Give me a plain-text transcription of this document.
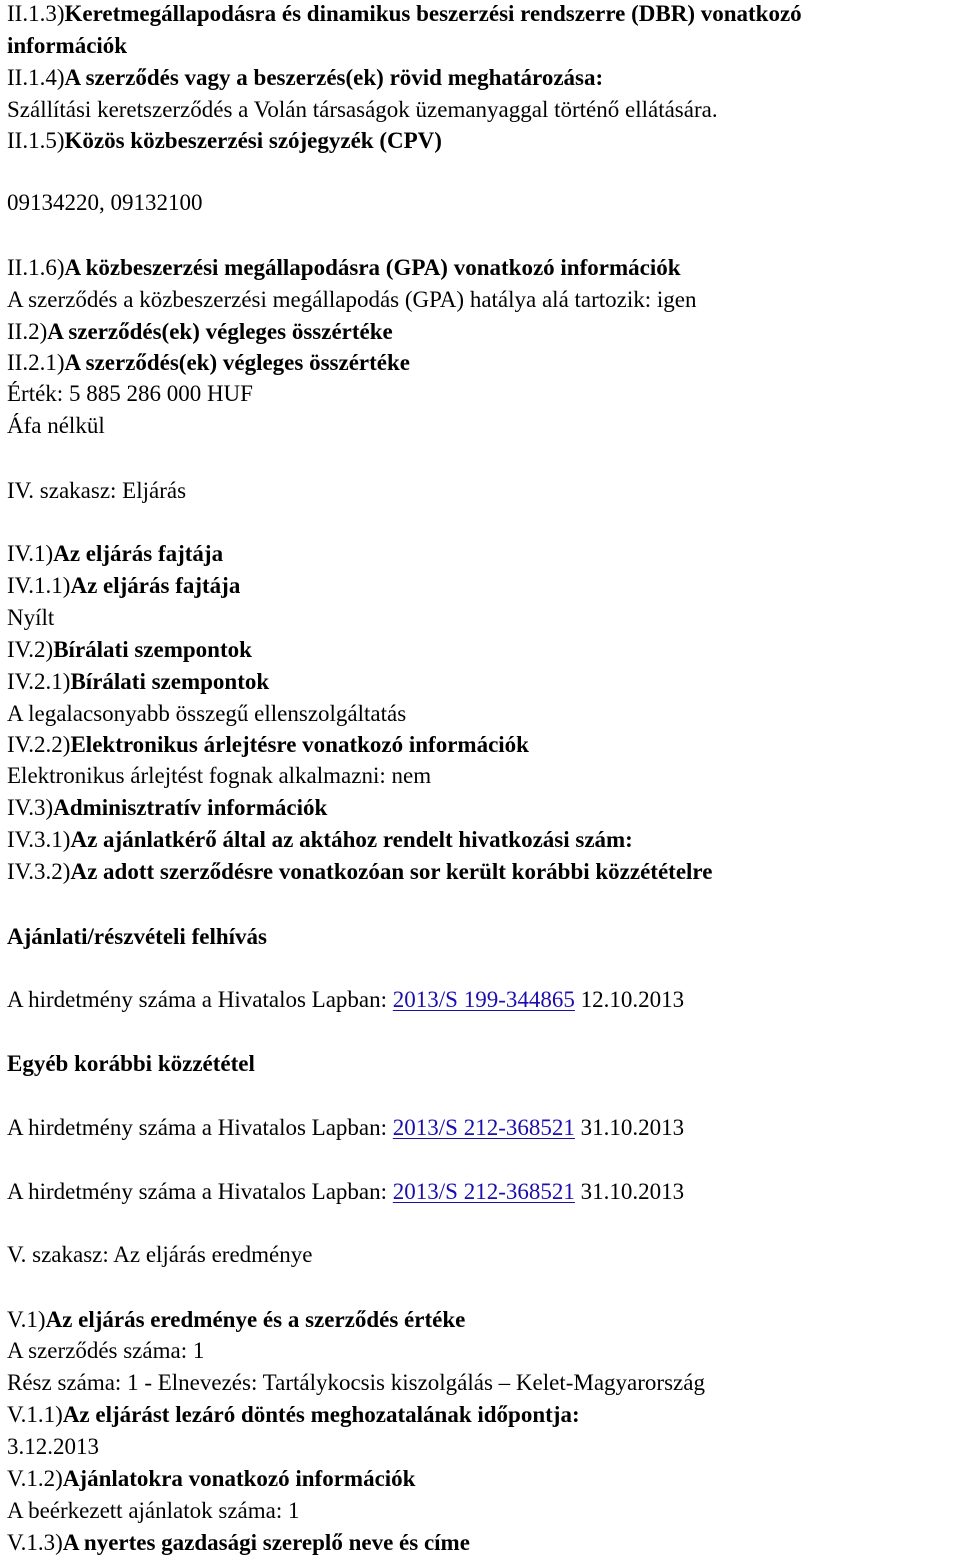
II.1.3)Keretmegállapodásra és dinamikus beszerzési rendszerre (DBR) vonatkozó
információk
II.1.4)A szerződés vagy a beszerzés(ek) rövid meghatározása:
Szállítási keretszerződés a Volán társaságok üzemanyaggal történő ellátására.
II.1.5)Közös közbeszerzési szójegyzék (CPV)
09134220, 09132100
II.1.6)A közbeszerzési megállapodásra (GPA) vonatkozó információk
A szerződés a közbeszerzési megállapodás (GPA) hatálya alá tartozik: igen
II.2)A szerződés(ek) végleges összértéke
II.2.1)A szerződés(ek) végleges összértéke
Érték: 5 885 286 000 HUF
Áfa nélkül
IV. szakasz: Eljárás
IV.1)Az eljárás fajtája
IV.1.1)Az eljárás fajtája
Nyílt
IV.2)Bírálati szempontok
IV.2.1)Bírálati szempontok
A legalacsonyabb összegű ellenszolgáltatás
IV.2.2)Elektronikus árlejtésre vonatkozó információk
Elektronikus árlejtést fognak alkalmazni: nem
IV.3)Adminisztratív információk
IV.3.1)Az ajánlatkérő által az aktához rendelt hivatkozási szám:
IV.3.2)Az adott szerződésre vonatkozóan sor került korábbi közzétételre
Ajánlati/részvételi felhívás
A hirdetmény száma a Hivatalos Lapban: 2013/S 199-344865 12.10.2013
Egyéb korábbi közzététel
A hirdetmény száma a Hivatalos Lapban: 2013/S 212-368521 31.10.2013
A hirdetmény száma a Hivatalos Lapban: 2013/S 212-368521 31.10.2013
V. szakasz: Az eljárás eredménye
V.1)Az eljárás eredménye és a szerződés értéke
A szerződés száma: 1
Rész száma: 1 - Elnevezés: Tartálykocsis kiszolgálás – Kelet-Magyarország
V.1.1)Az eljárást lezáró döntés meghozatalának időpontja:
3.12.2013
V.1.2)Ajánlatokra vonatkozó információk
A beérkezett ajánlatok száma: 1
V.1.3)A nyertes gazdasági szereplő neve és címe
